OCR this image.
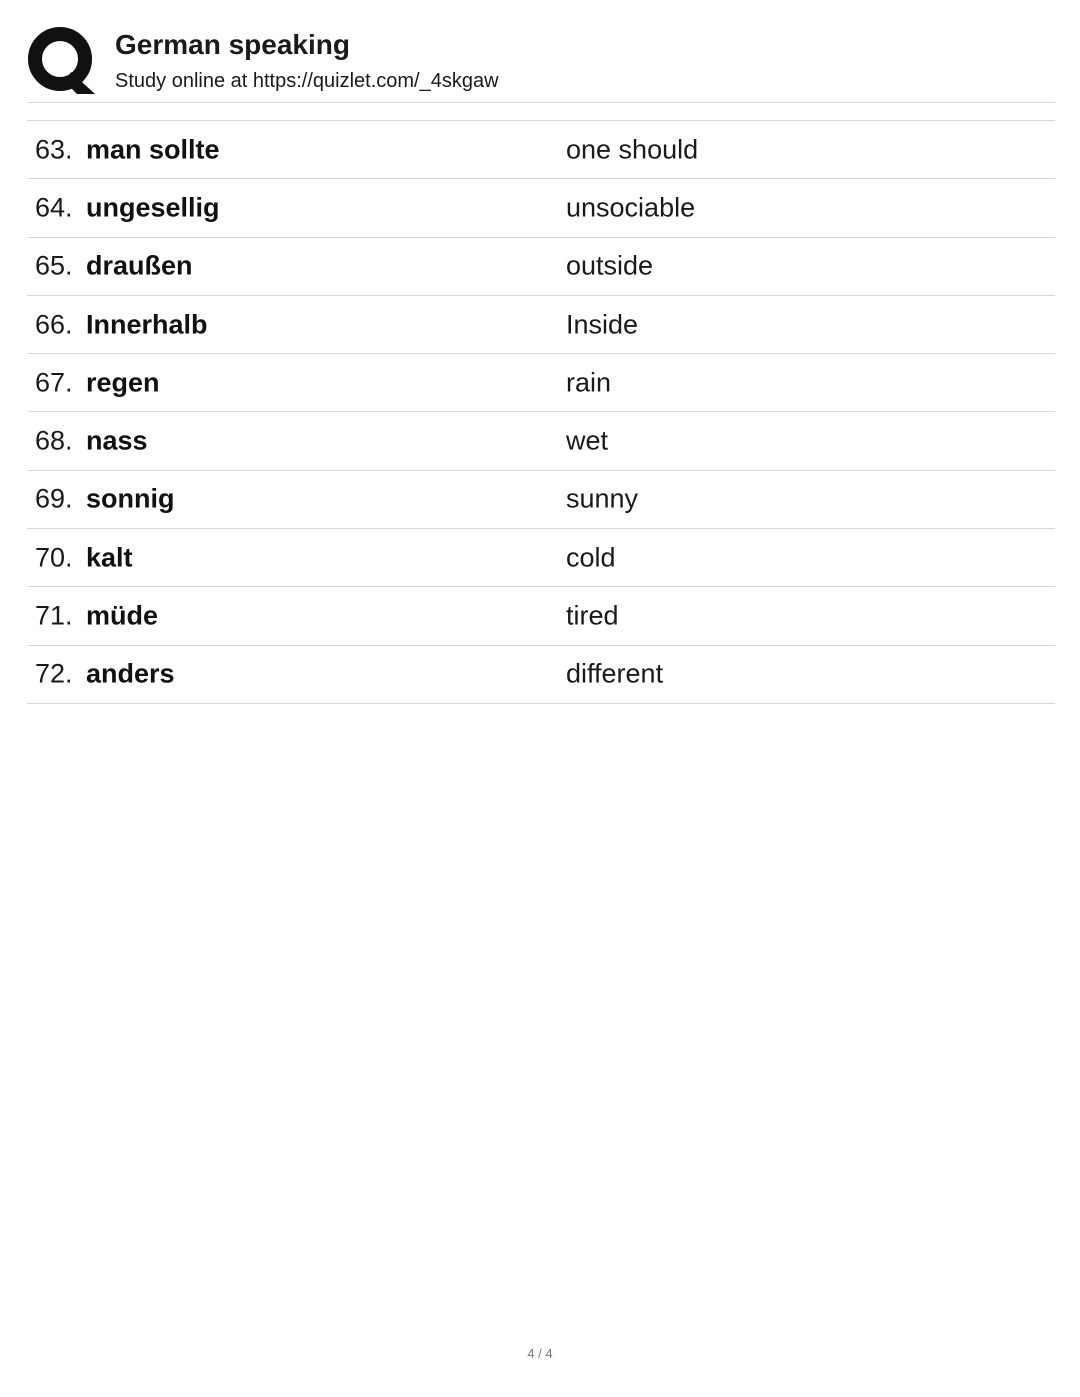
German speaking
Study online at https://quizlet.com/_4skgaw
63. man sollte	one should
64. ungesellig	unsociable
65. draußen	outside
66. Innerhalb	Inside
67. regen	rain
68. nass	wet
69. sonnig	sunny
70. kalt	cold
71. müde	tired
72. anders	different
4 / 4
